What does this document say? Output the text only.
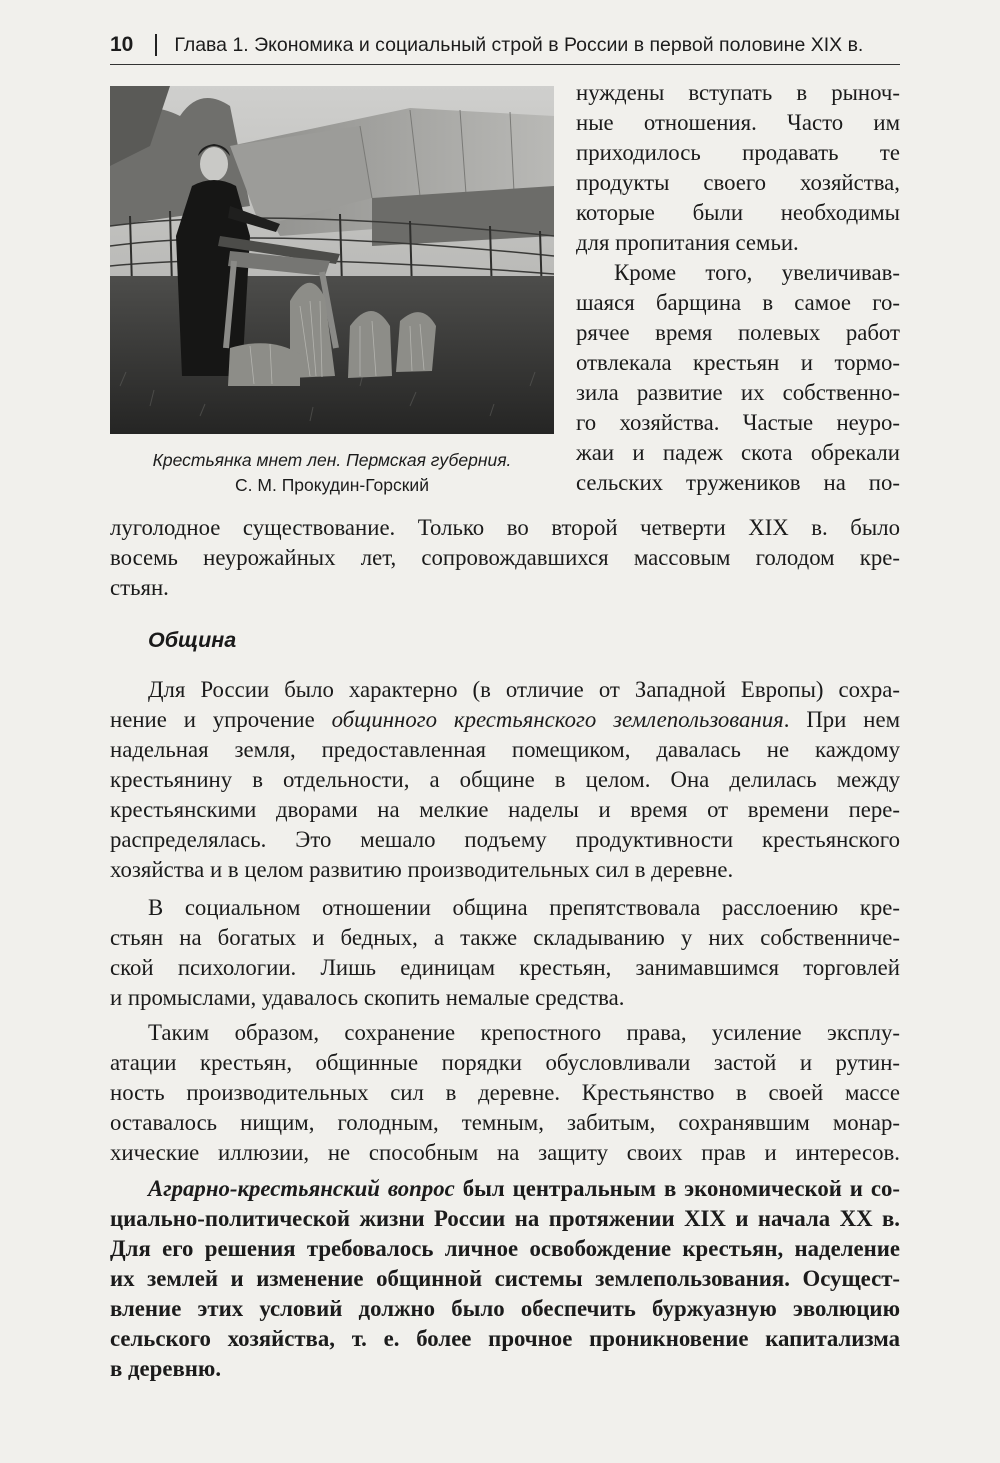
10 Глава 1. Экономика и социальный строй в России в первой половине XIX в.
Крестьянка мнет лен. Пермская губерния.
С. М. Прокудин-Горский
нуждены вступать в рыноч-
ные отношения. Часто им
приходилось продавать те
продукты своего хозяйства,
которые были необходимы
для пропитания семьи.
Кроме того, увеличивав-
шаяся барщина в самое го-
рячее время полевых работ
отвлекала крестьян и тормо-
зила развитие их собственно-
го хозяйства. Частые неуро-
жаи и падеж скота обрекали
сельских тружеников на по-
луголодное существование. Только во второй четверти XIX в. было
восемь неурожайных лет, сопровождавшихся массовым голодом кре-
стьян.
Община
Для России было характерно (в отличие от Западной Европы) сохра-
нение и упрочение общинного крестьянского землепользования. При нем
надельная земля, предоставленная помещиком, давалась не каждому
крестьянину в отдельности, а общине в целом. Она делилась между
крестьянскими дворами на мелкие наделы и время от времени пере-
распределялась. Это мешало подъему продуктивности крестьянского
хозяйства и в целом развитию производительных сил в деревне.
В социальном отношении община препятствовала расслоению кре-
стьян на богатых и бедных, а также складыванию у них собственниче-
ской психологии. Лишь единицам крестьян, занимавшимся торговлей
и промыслами, удавалось скопить немалые средства.
Таким образом, сохранение крепостного права, усиление эксплу-
атации крестьян, общинные порядки обусловливали застой и рутин-
ность производительных сил в деревне. Крестьянство в своей массе
оставалось нищим, голодным, темным, забитым, сохранявшим монар-
хические иллюзии, не способным на защиту своих прав и интересов.
Аграрно-крестьянский вопрос был центральным в экономической и со-
циально-политической жизни России на протяжении XIX и начала XX в.
Для его решения требовалось личное освобождение крестьян, наделение
их землей и изменение общинной системы землепользования. Осущест-
вление этих условий должно было обеспечить буржуазную эволюцию
сельского хозяйства, т. е. более прочное проникновение капитализма
в деревню.
